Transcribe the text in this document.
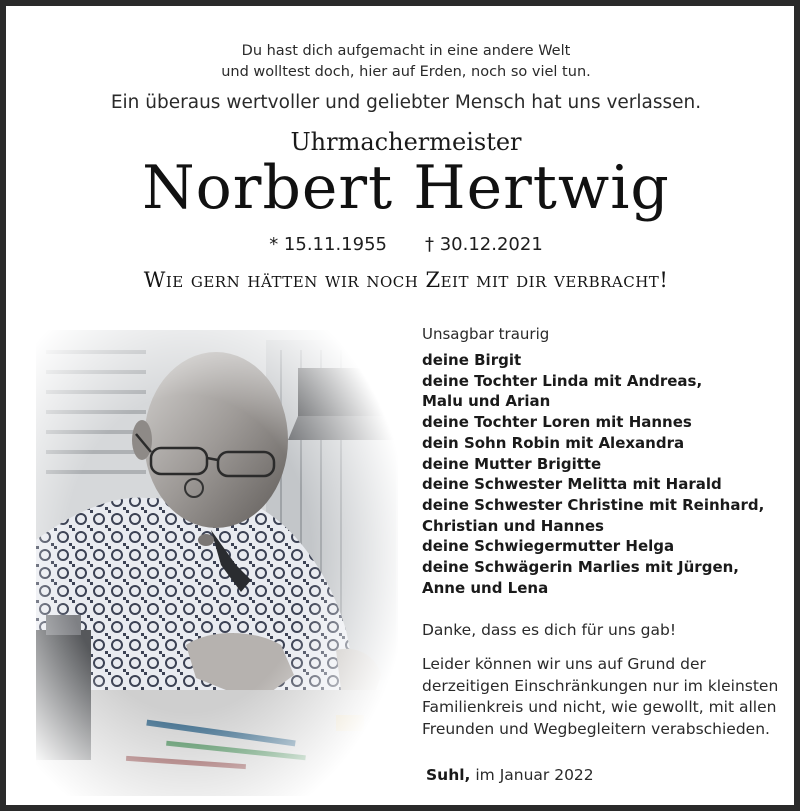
Du hast dich aufgemacht in eine andere Welt
und wolltest doch, hier auf Erden, noch so viel tun.
Ein überaus wertvoller und geliebter Mensch hat uns verlassen.
Uhrmachermeister
Norbert Hertwig
* 15.11.1955 † 30.12.2021
Wie gern hätten wir noch Zeit mit dir verbracht!

Unsagbar traurig

deine Birgit
deine Tochter Linda mit Andreas,
Malu und Arian
deine Tochter Loren mit Hannes
dein Sohn Robin mit Alexandra
deine Mutter Brigitte
deine Schwester Melitta mit Harald
deine Schwester Christine mit Reinhard,
Christian und Hannes
deine Schwiegermutter Helga
deine Schwägerin Marlies mit Jürgen,
Anne und Lena
Danke, dass es dich für uns gab!
Leider können wir uns auf Grund der
derzeitigen Einschränkungen nur im kleinsten
Familienkreis und nicht, wie gewollt, mit allen
Freunden und Wegbegleitern verabschieden.
Suhl, im Januar 2022
